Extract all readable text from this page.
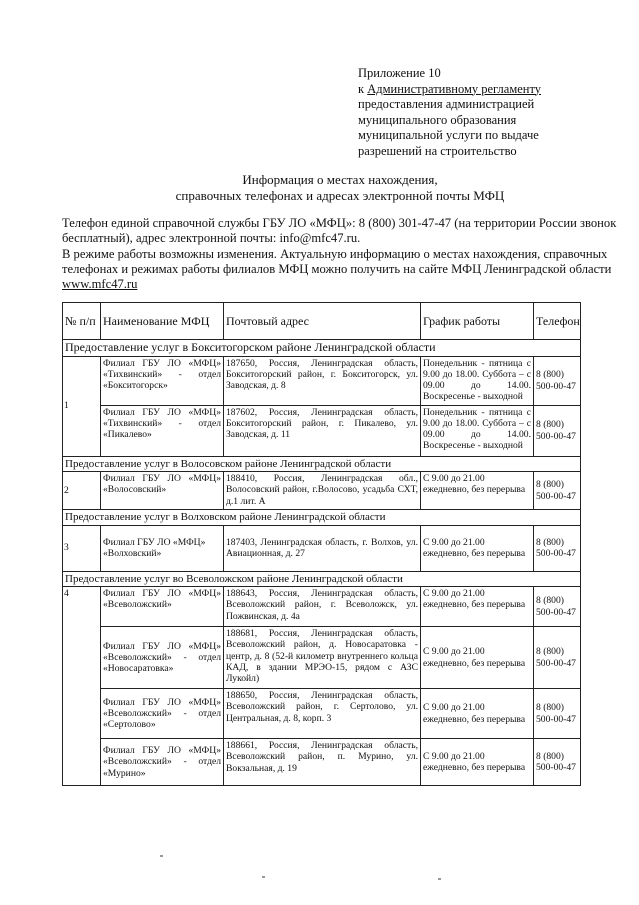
Приложение 10
к Административному регламенту
предоставления администрацией
муниципального образования
муниципальной услуги по выдаче
разрешений на строительство
Информация о местах нахождения,
справочных телефонах и адресах электронной почты МФЦ

Телефон единой справочной службы ГБУ ЛО «МФЦ»: 8 (800) 301-47-47 (на территории России звонок бесплатный), адрес электронной почты: info@mfc47.ru.

В режиме работы возможны изменения. Актуальную информацию о местах нахождения, справочных телефонах и режимах работы филиалов МФЦ можно получить на сайте МФЦ Ленинградской области www.mfc47.ru

№ п/п	Наименование МФЦ	Почтовый адрес	График работы	Телефон
Предоставление услуг в Бокситогорском районе Ленинградской области				
1	Филиал ГБУ ЛО «МФЦ» «Тихвинский» - отдел «Бокситогорск»	187650, Россия, Ленинградская область, Бокситогорский район, г. Бокситогорск, ул. Заводская, д. 8	Понедельник - пятница с 9.00 до 18.00. Суббота – с 09.00 до 14.00. Воскресенье - выходной	8 (800) 500-00-47
	Филиал ГБУ ЛО «МФЦ» «Тихвинский» - отдел «Пикалево»	187602, Россия, Ленинградская область, Бокситогорский район, г. Пикалево, ул. Заводская, д. 11	Понедельник - пятница с 9.00 до 18.00. Суббота – с 09.00 до 14.00. Воскресенье - выходной	8 (800) 500-00-47
Предоставление услуг в Волосовском районе Ленинградской области				
2	Филиал ГБУ ЛО «МФЦ» «Волосовский»	188410, Россия, Ленинградская обл., Волосовский район, г.Волосово, усадьба СХТ, д.1 лит. А	С 9.00 до 21.00 ежедневно, без перерыва	8 (800) 500-00-47
Предоставление услуг в Волховском районе Ленинградской области				
3	Филиал ГБУ ЛО «МФЦ» «Волховский»	187403, Ленинградская область, г. Волхов, ул. Авиационная, д. 27	С 9.00 до 21.00 ежедневно, без перерыва	8 (800) 500-00-47
Предоставление услуг во Всеволожском районе Ленинградской области				
4	Филиал ГБУ ЛО «МФЦ» «Всеволожский»	188643, Россия, Ленинградская область, Всеволожский район, г. Всеволожск, ул. Пожвинская, д. 4а	С 9.00 до 21.00 ежедневно, без перерыва	8 (800) 500-00-47
	Филиал ГБУ ЛО «МФЦ» «Всеволожский» - отдел «Новосаратовка»	188681, Россия, Ленинградская область, Всеволожский район, д. Новосаратовка - центр, д. 8 (52-й километр внутреннего кольца КАД, в здании МРЭО-15, рядом с АЗС Лукойл)	С 9.00 до 21.00 ежедневно, без перерыва	8 (800) 500-00-47
	Филиал ГБУ ЛО «МФЦ» «Всеволожский» - отдел «Сертолово»	188650, Россия, Ленинградская область, Всеволожский район, г. Сертолово, ул. Центральная, д. 8, корп. 3	С 9.00 до 21.00 ежедневно, без перерыва	8 (800) 500-00-47
	Филиал ГБУ ЛО «МФЦ» «Всеволожский» - отдел «Мурино»	188661, Россия, Ленинградская область, Всеволожский район, п. Мурино, ул. Вокзальная, д. 19	С 9.00 до 21.00 ежедневно, без перерыва	8 (800) 500-00-47
